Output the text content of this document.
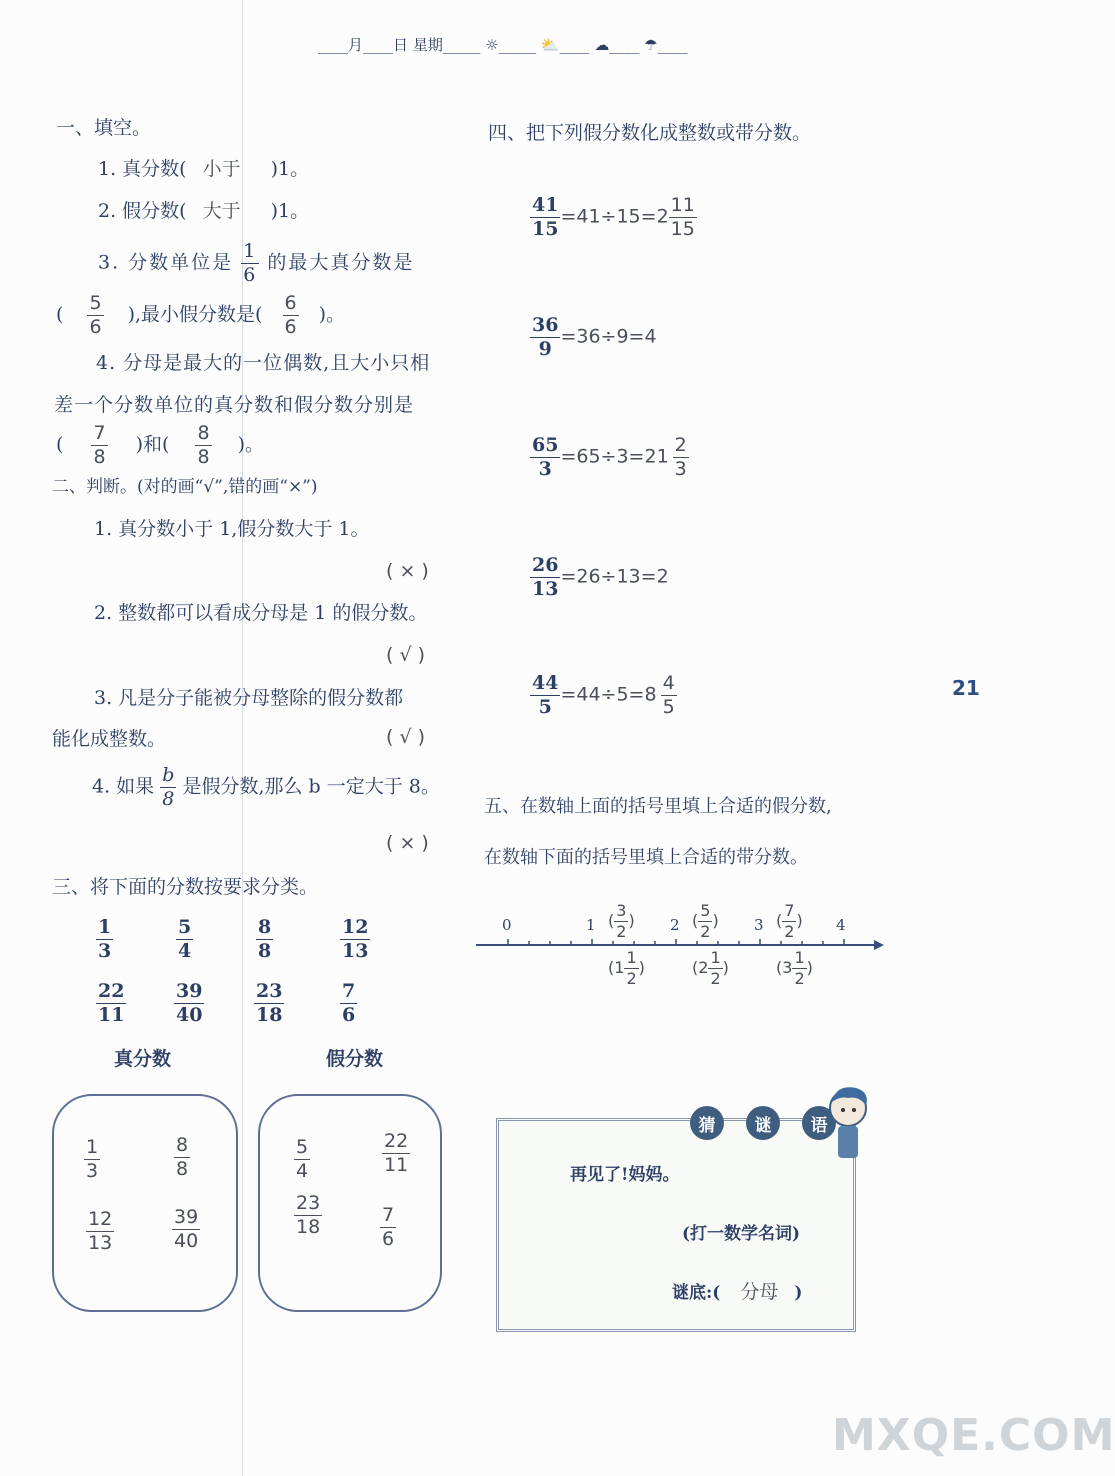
____月____日 星期_____ ☼_____ ⛅____ ☁____ ☂____
21
一、填空。
1. 真分数( 小于 )1。
2. 假分数( 大于 )1。
3. 分数单位是 $\frac{1}{6}$ 的最大真分数是
( $\frac{5}{6}$ ),最小假分数是( $\frac{6}{6}$ )。
4. 分母是最大的一位偶数,且大小只相
差一个分数单位的真分数和假分数分别是
( $\frac{7}{8}$ )和( $\frac{8}{8}$ )。
二、判断。(对的画“√”,错的画“×”)
1. 真分数小于 1,假分数大于 1。
( × )
2. 整数都可以看成分母是 1 的假分数。
( √ )
3. 凡是分子能被分母整除的假分数都
能化成整数。	( √ )
4. 如果 $\frac{b}{8}$ 是假分数,那么 b 一定大于 8。
( × )
三、将下面的分数按要求分类。
$\frac{1}{3}$	$\frac{5}{4}$	$\frac{8}{8}$	$\frac{12}{13}$
$\frac{22}{11}$	$\frac{39}{40}$	$\frac{23}{18}$	$\frac{7}{6}$
真分数	假分数
$\frac{1}{3}$	$\frac{8}{8}$
$\frac{12}{13}$	$\frac{39}{40}$
$\frac{5}{4}$	$\frac{22}{11}$
$\frac{23}{18}$	$\frac{7}{6}$
四、把下列假分数化成整数或带分数。
$\frac{41}{15} =41\div 15=2 \frac{11}{15}$
$\frac{36}{9} =36\div 9=4$
$\frac{65}{3} =65\div 3=21 \frac{2}{3}$
$\frac{26}{13} =26\div 13=2$
$\frac{44}{5} =44\div 5=8 \frac{4}{5}$
五、在数轴上面的括号里填上合适的假分数,
在数轴下面的括号里填上合适的带分数。
0	1	2	3	4
( $\frac{3}{2}$ )	( $\frac{5}{2}$ )	( $\frac{7}{2}$ )
($1 \frac{1}{2}$ )	($2 \frac{1}{2}$ )	($3 \frac{1}{2}$ )
猜	谜	语
再见了!妈妈。
(打一数学名词)
谜底:( 分母 )
MXQE.COM
